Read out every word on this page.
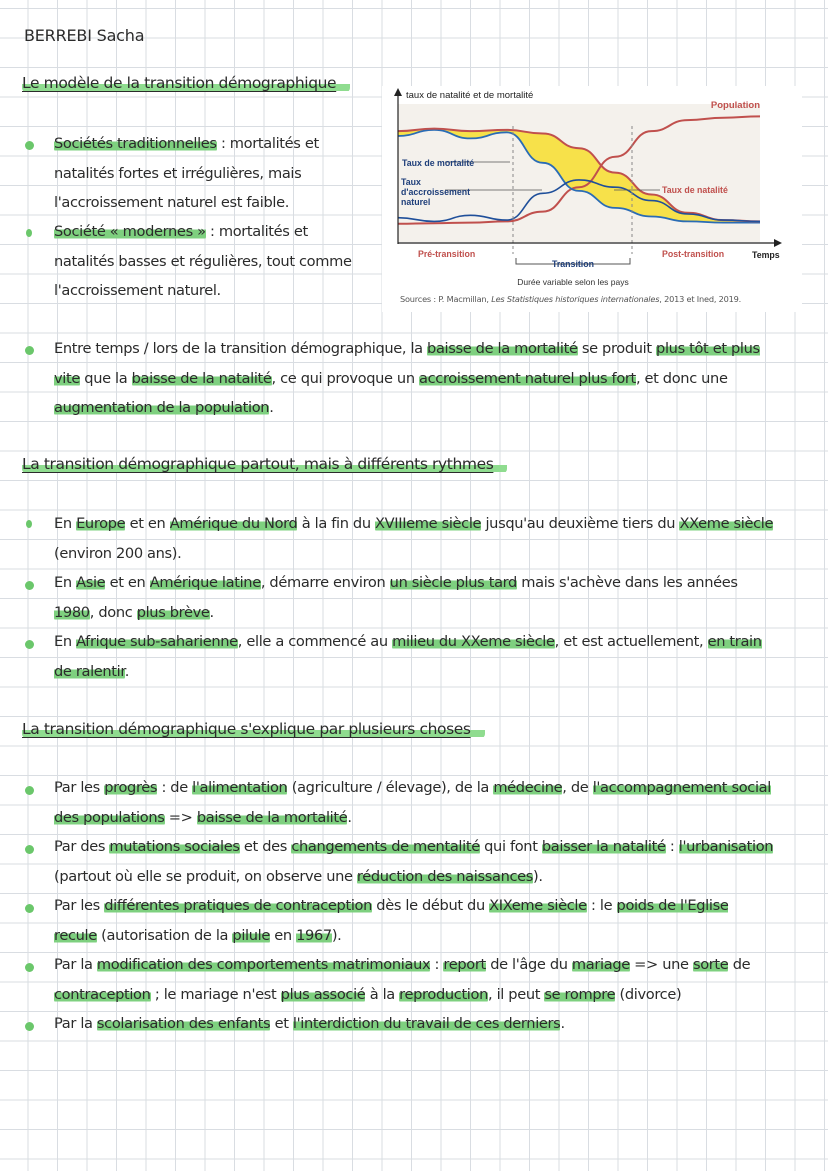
BERREBI Sacha
Le modèle de la transition démographique
Sociétés traditionnelles : mortalités et natalités fortes et irrégulières, mais l'accroissement naturel est faible.
Société « modernes » : mortalités et natalités basses et régulières, tout comme l'accroissement naturel.
Entre temps / lors de la transition démographique, la baisse de la mortalité se produit plus tôt et plus vite que la baisse de la natalité, ce qui provoque un accroissement naturel plus fort, et donc une augmentation de la population.
taux de natalité et de mortalité
Population
Taux de mortalité
Taux d'accroissement naturel
Taux de natalité
Pré-transition
Transition
Post-transition	Temps
Durée variable selon les pays
Sources : P. Macmillan, Les Statistiques historiques internationales, 2013 et Ined, 2019.
La transition démographique partout, mais à différents rythmes
En Europe et en Amérique du Nord à la fin du XVIIIeme siècle jusqu'au deuxième tiers du XXeme siècle (environ 200 ans).
En Asie et en Amérique latine, démarre environ un siècle plus tard mais s'achève dans les années 1980, donc plus brève.
En Afrique sub-saharienne, elle a commencé au milieu du XXeme siècle, et est actuellement, en train de ralentir.
La transition démographique s'explique par plusieurs choses
Par les progrès : de l'alimentation (agriculture / élevage), de la médecine, de l'accompagnement social des populations => baisse de la mortalité.
Par des mutations sociales et des changements de mentalité qui font baisser la natalité : l'urbanisation (partout où elle se produit, on observe une réduction des naissances).
Par les différentes pratiques de contraception dès le début du XIXeme siècle : le poids de l'Eglise recule (autorisation de la pilule en 1967).
Par la modification des comportements matrimoniaux : report de l'âge du mariage => une sorte de contraception ; le mariage n'est plus associé à la reproduction, il peut se rompre (divorce)
Par la scolarisation des enfants et l'interdiction du travail de ces derniers.
